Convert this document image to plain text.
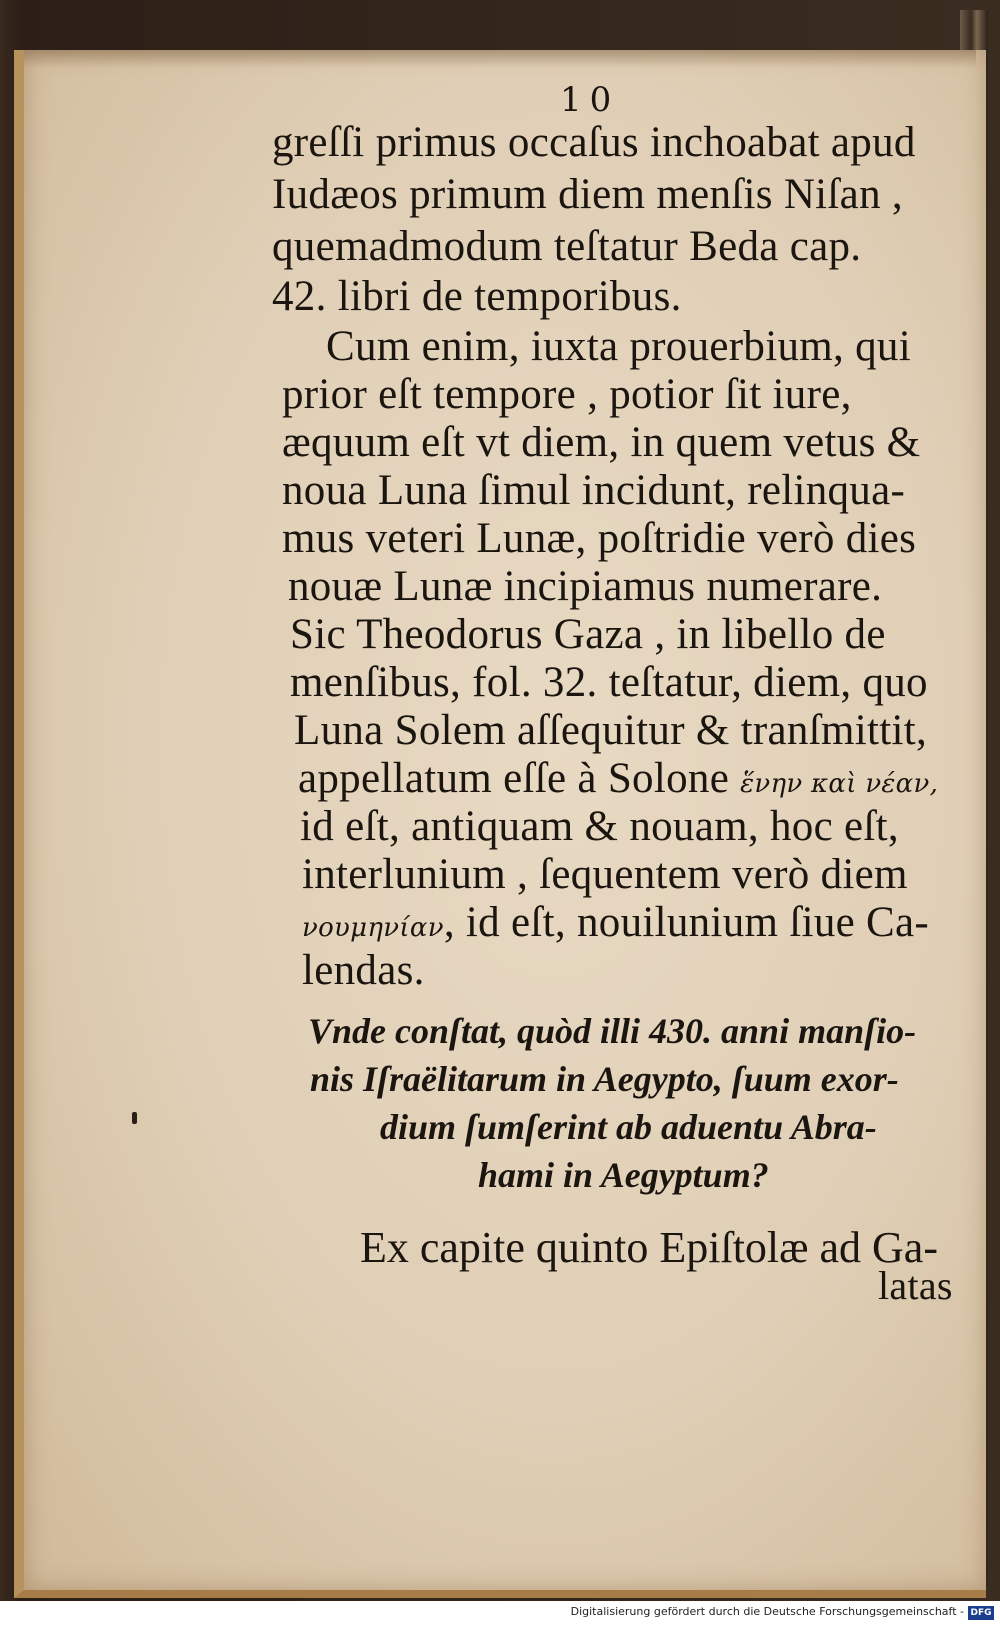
10
greſſi primus occaſus inchoabat apud
Iudæos primum diem menſis Niſan ,
quemadmodum teſtatur Beda cap.
42. libri de temporibus.
Cum enim, iuxta prouerbium, qui
prior eſt tempore , potior ſit iure,
æquum eſt vt diem, in quem vetus &
noua Luna ſimul incidunt, relinqua-
mus veteri Lunæ, poſtridie verò dies
nouæ Lunæ incipiamus numerare.
Sic Theodorus Gaza , in libello de
menſibus, fol. 32. teſtatur, diem, quo
Luna Solem aſſequitur & tranſmittit,
appellatum eſſe à Solone ἕνην καὶ νέαν,
id eſt, antiquam & nouam, hoc eſt,
interlunium , ſequentem verò diem
νουμηνίαν, id eſt, nouilunium ſiue Ca-
lendas.
Vnde conſtat, quòd illi 430. anni manſio-
nis Iſraëlitarum in Aegypto, ſuum exor-
dium ſumſerint ab aduentu Abra-
hami in Aegyptum?
Ex capite quinto Epiſtolæ ad Ga-
latas
Digitalisierung gefördert durch die Deutsche Forschungsgemeinschaft - DFG
